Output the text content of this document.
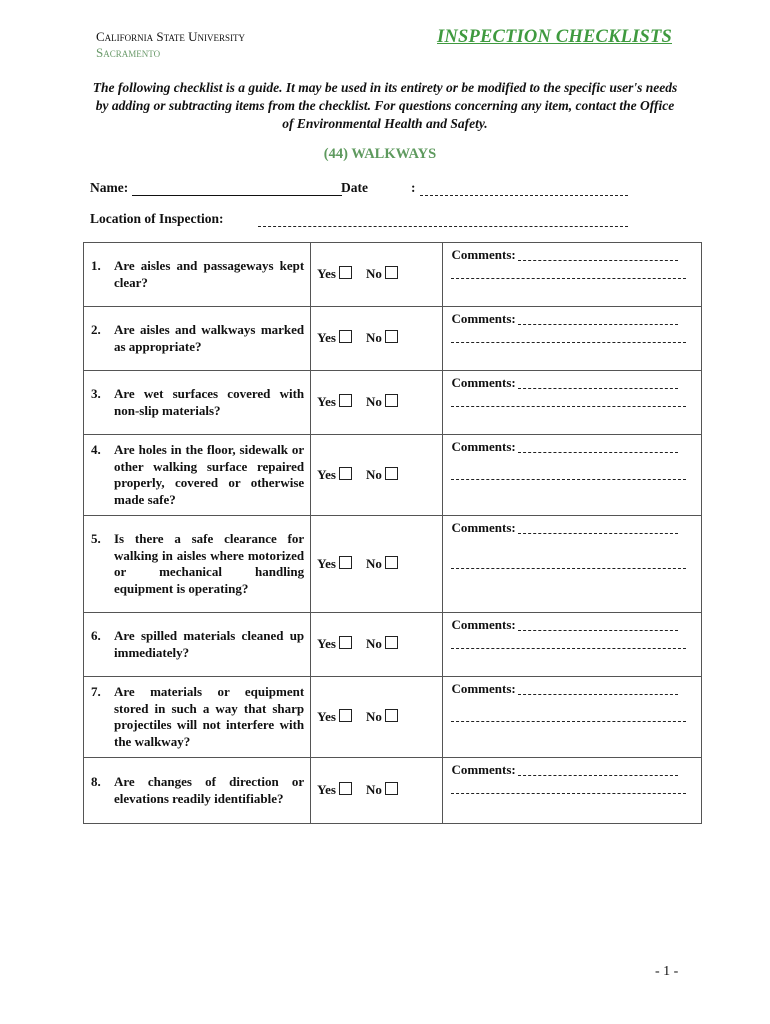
California State University
Sacramento
INSPECTION CHECKLISTS
The following checklist is a guide. It may be used in its entirety or be modified to the specific user's needs by adding or subtracting items from the checklist. For questions concerning any item, contact the Office of Environmental Health and Safety.
(44) WALKWAYS
Name:	Date	:
Location of Inspection:
1. Are aisles and passageways kept clear?	Yes No	Comments:

2. Are aisles and walkways marked as appropriate?	Yes No	Comments:

3. Are wet surfaces covered with non-slip materials?	Yes No	Comments:

4. Are holes in the floor, sidewalk or other walking surface repaired properly, covered or otherwise made safe?	Yes No	Comments:

5. Is there a safe clearance for walking in aisles where motorized or mechanical handling equipment is operating?	Yes No	Comments:

6. Are spilled materials cleaned up immediately?	Yes No	Comments:

7. Are materials or equipment stored in such a way that sharp projectiles will not interfere with the walkway?	Yes No	Comments:

8. Are changes of direction or elevations readily identifiable?	Yes No	Comments:
- 1 -
